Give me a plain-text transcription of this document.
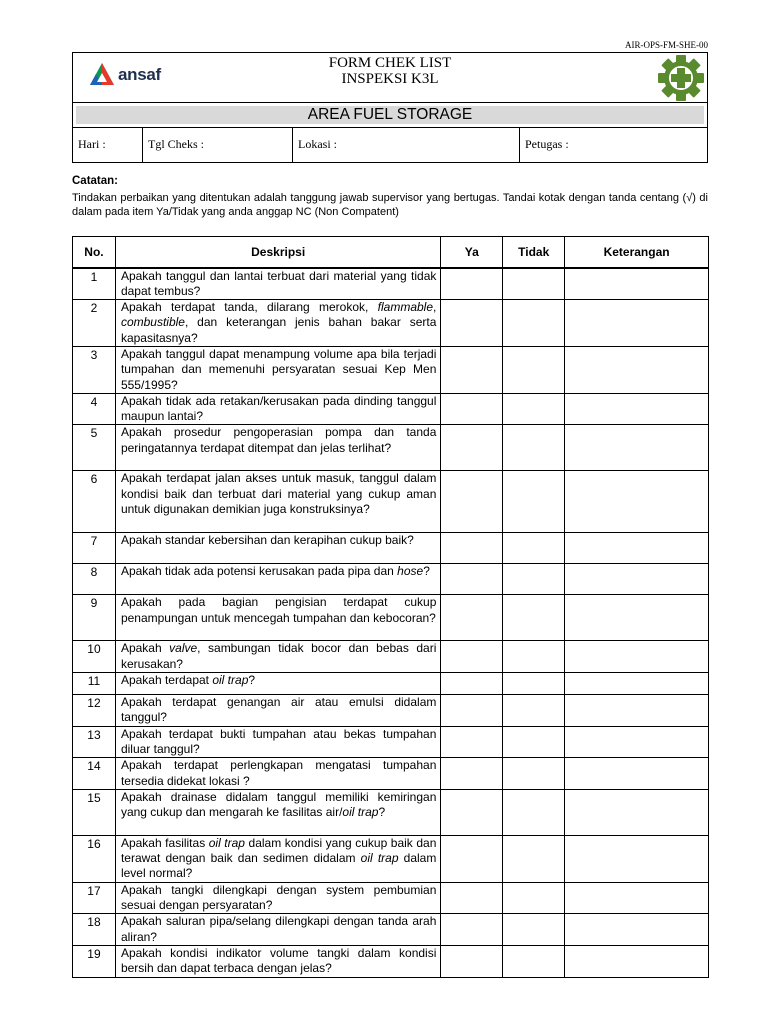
AIR-OPS-FM-SHE-00
ansaf
FORM CHEK LIST
INSPEKSI K3L
AREA FUEL STORAGE
Hari :	Tgl Cheks :	Lokasi :	Petugas :
Catatan:
Tindakan perbaikan yang ditentukan adalah tanggung jawab supervisor yang bertugas. Tandai kotak dengan tanda centang (√) di dalam pada item Ya/Tidak yang anda anggap NC (Non Compatent)
No.	Deskripsi	Ya	Tidak	Keterangan
1	Apakah tanggul dan lantai terbuat dari material yang tidak dapat tembus?			
2	Apakah terdapat tanda, dilarang merokok, flammable, combustible, dan keterangan jenis bahan bakar serta kapasitasnya?			
3	Apakah tanggul dapat menampung volume apa bila terjadi tumpahan dan memenuhi persyaratan sesuai Kep Men 555/1995?			
4	Apakah tidak ada retakan/kerusakan pada dinding tanggul maupun lantai?			
5	Apakah prosedur pengoperasian pompa dan tanda peringatannya terdapat ditempat dan jelas terlihat?			
6	Apakah terdapat jalan akses untuk masuk, tanggul dalam kondisi baik dan terbuat dari material yang cukup aman untuk digunakan demikian juga konstruksinya?			
7	Apakah standar kebersihan dan kerapihan cukup baik?			
8	Apakah tidak ada potensi kerusakan pada pipa dan hose?			
9	Apakah pada bagian pengisian terdapat cukup penampungan untuk mencegah tumpahan dan kebocoran?			
10	Apakah valve, sambungan tidak bocor dan bebas dari kerusakan?			
11	Apakah terdapat oil trap?			
12	Apakah terdapat genangan air atau emulsi didalam tanggul?			
13	Apakah terdapat bukti tumpahan atau bekas tumpahan diluar tanggul?			
14	Apakah terdapat perlengkapan mengatasi tumpahan tersedia didekat lokasi ?			
15	Apakah drainase didalam tanggul memiliki kemiringan yang cukup dan mengarah ke fasilitas air/oil trap?			
16	Apakah fasilitas oil trap dalam kondisi yang cukup baik dan terawat dengan baik dan sedimen didalam oil trap dalam level normal?			
17	Apakah tangki dilengkapi dengan system pembumian sesuai dengan persyaratan?			
18	Apakah saluran pipa/selang dilengkapi dengan tanda arah aliran?			
19	Apakah kondisi indikator volume tangki dalam kondisi bersih dan dapat terbaca dengan jelas?			
